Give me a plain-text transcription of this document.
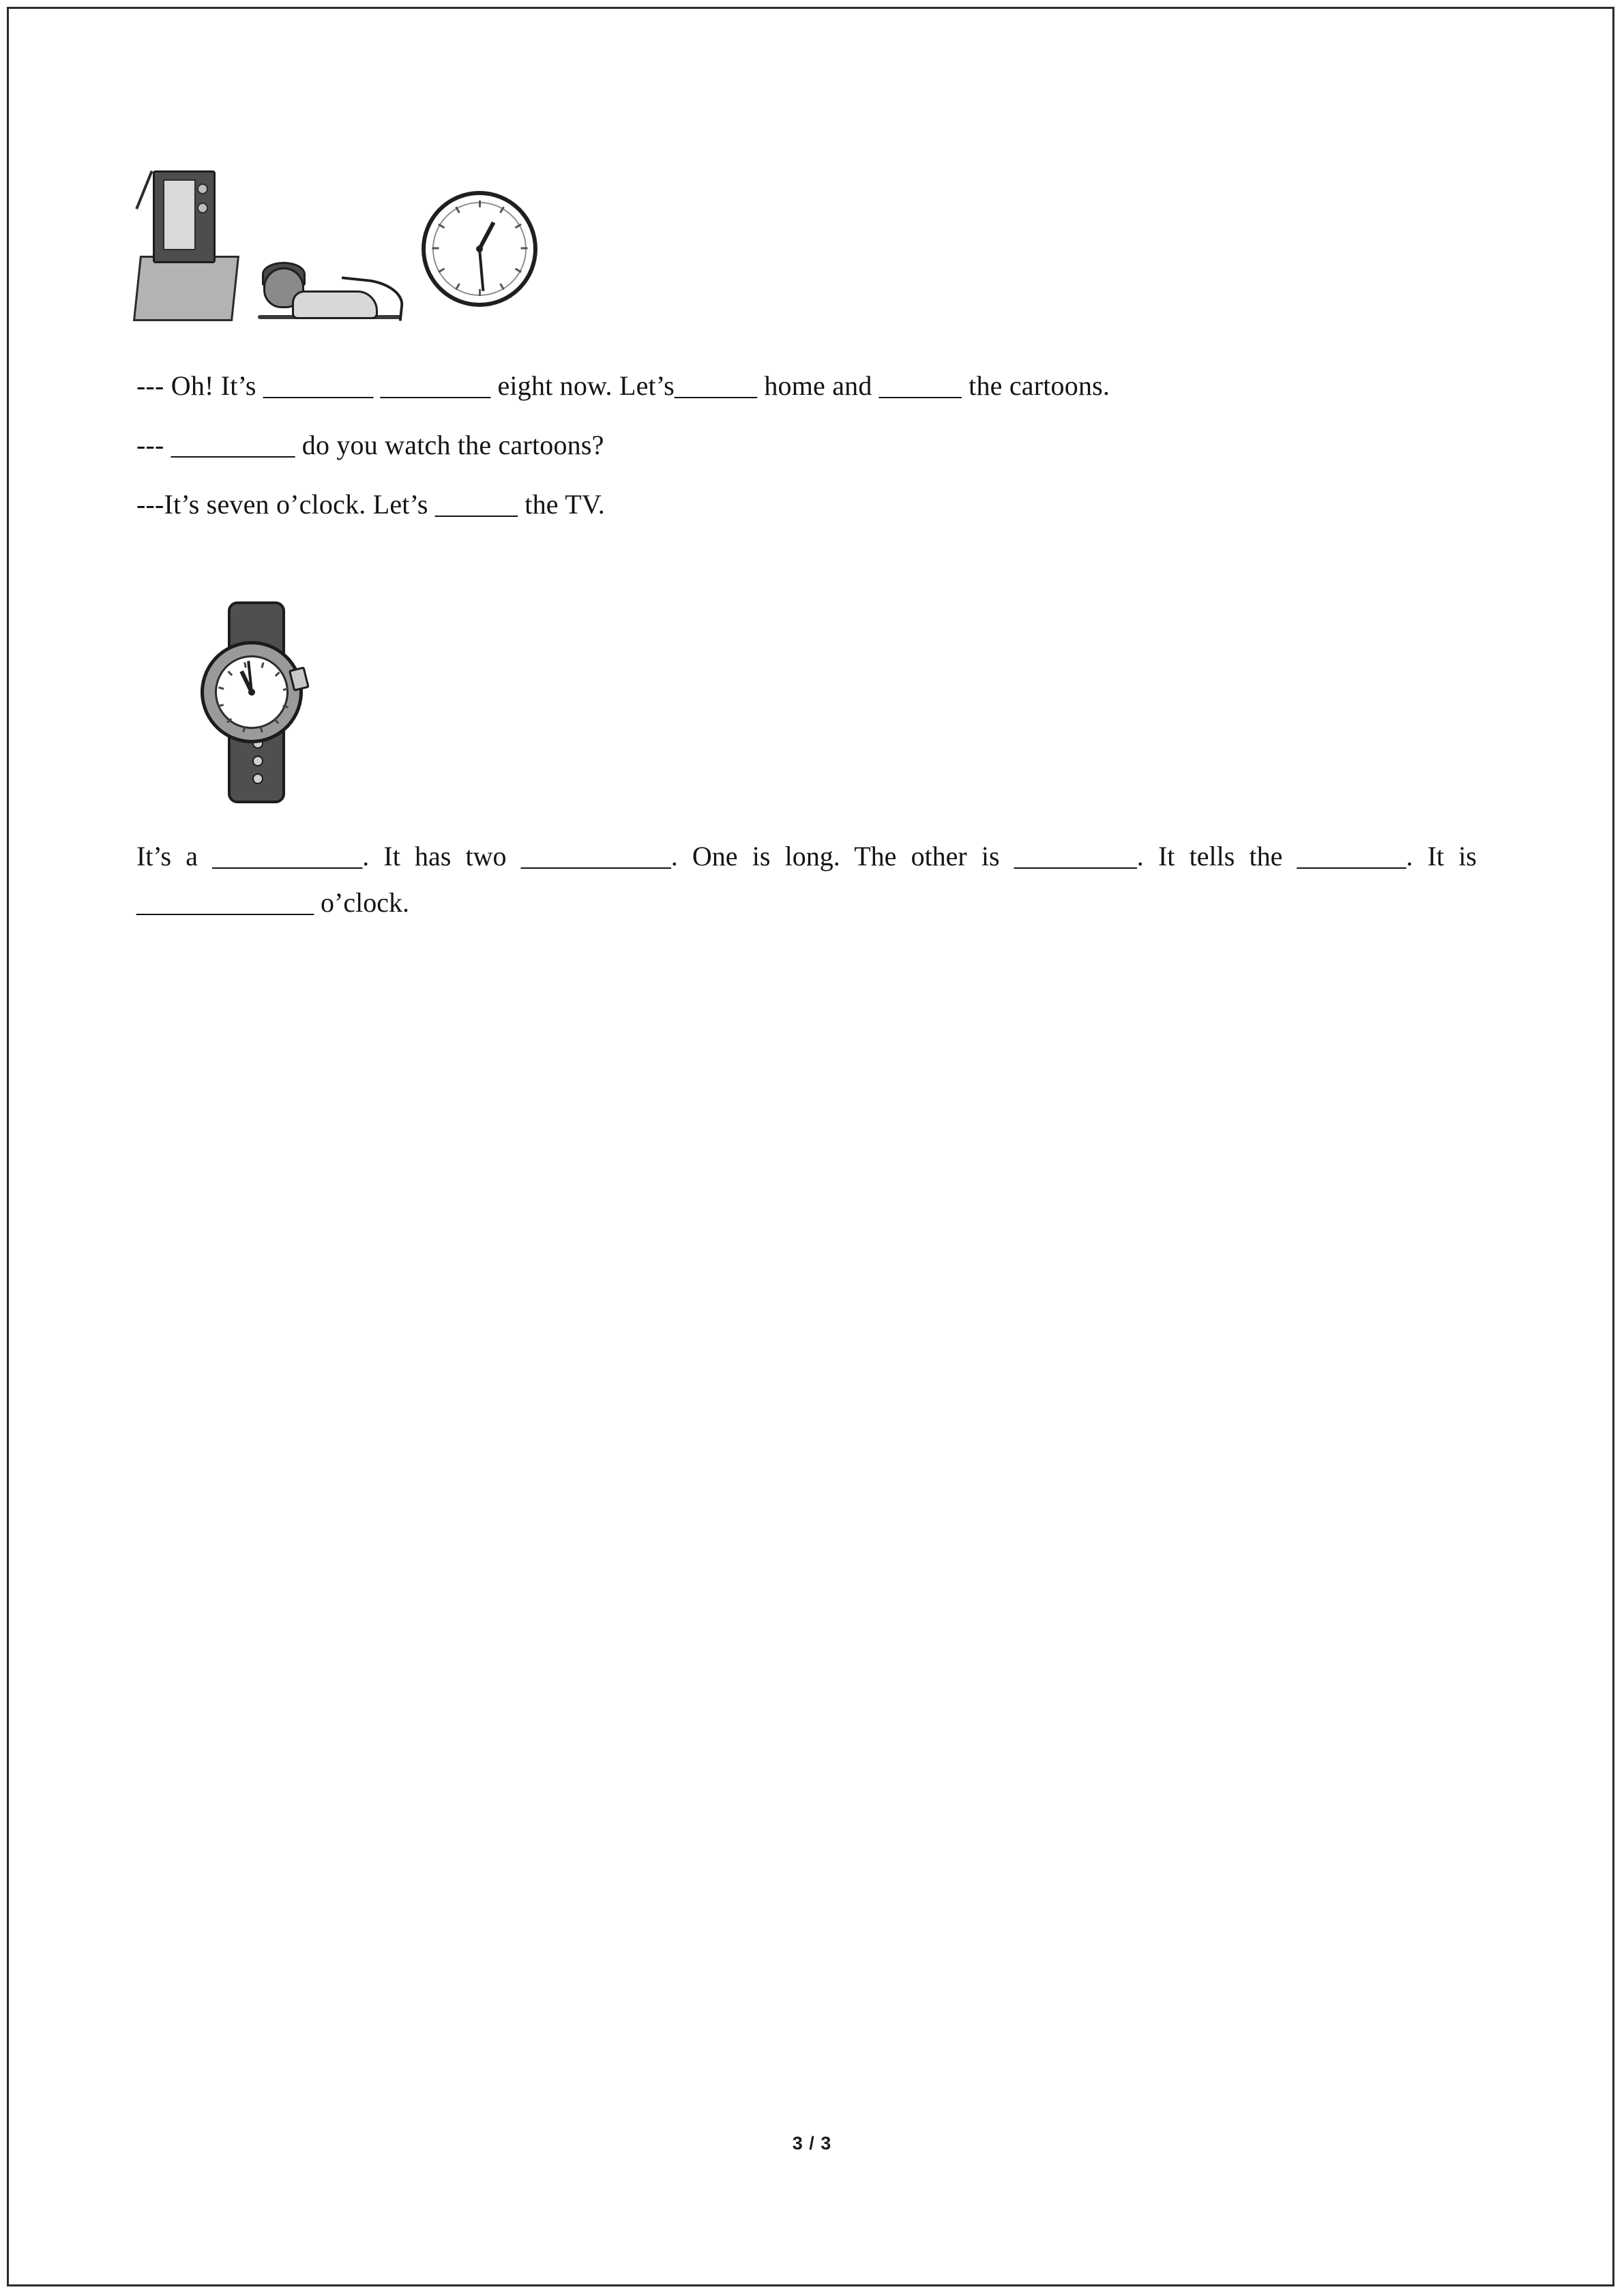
--- Oh! It’s ________ ________ eight now. Let’s______ home and ______ the cartoons.

--- _________ do you watch the cartoons?

---It’s seven o’clock. Let’s ______ the TV.

It’s a ___________. It has two ___________. One is long. The other is _________. It tells the ________. It is _____________ o’clock.

3 / 3
